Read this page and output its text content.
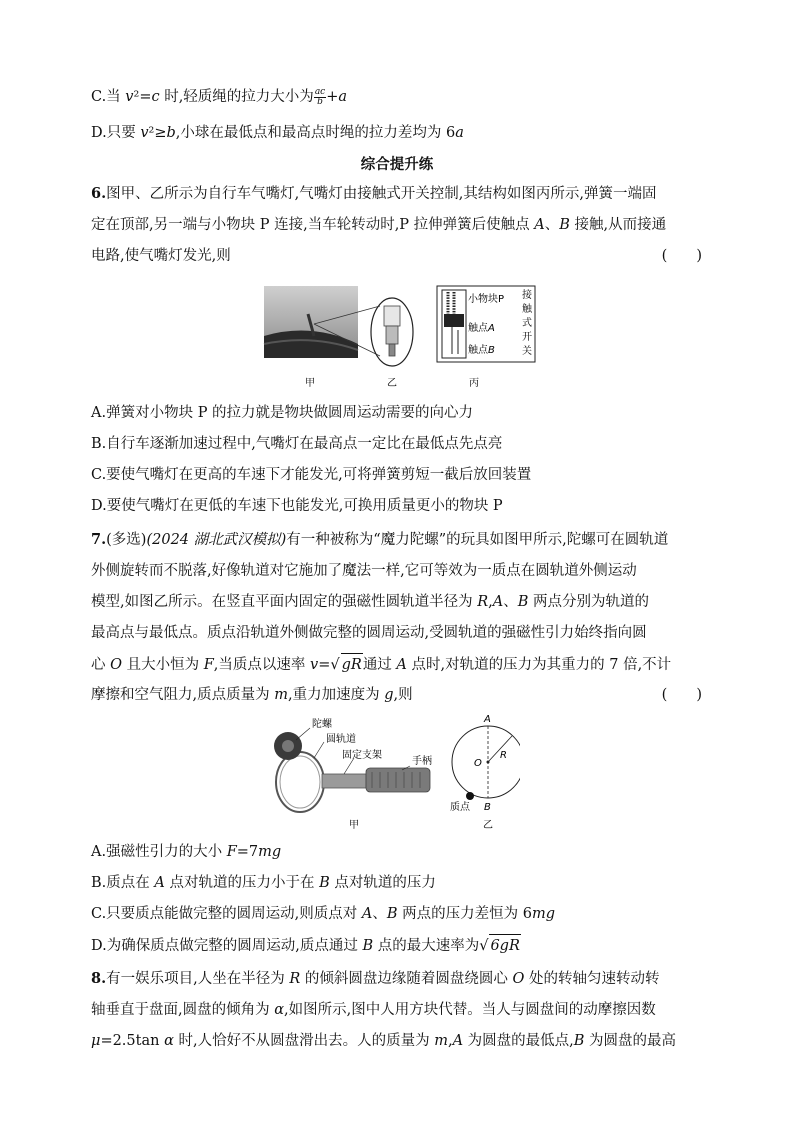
C.当 v²=c 时,轻质绳的拉力大小为 $\frac{ac}{b} +a$
D.只要 v²≥b,小球在最低点和最高点时绳的拉力差均为 6a
综合提升练
6.图甲、乙所示为自行车气嘴灯,气嘴灯由接触式开关控制,其结构如图丙所示,弹簧一端固
定在顶部,另一端与小物块 P 连接,当车轮转动时,P 拉伸弹簧后使触点 A、B 接触,从而接通
电路,使气嘴灯发光,则	(　　)
小物块P
触点A
触点B
接
触
式
开
关
甲	乙	丙
A.弹簧对小物块 P 的拉力就是物块做圆周运动需要的向心力
B.自行车逐渐加速过程中,气嘴灯在最高点一定比在最低点先点亮
C.要使气嘴灯在更高的车速下才能发光,可将弹簧剪短一截后放回装置
D.要使气嘴灯在更低的车速下也能发光,可换用质量更小的物块 P
7.(多选)(2024 湖北武汉模拟)有一种被称为“魔力陀螺”的玩具如图甲所示,陀螺可在圆轨道
外侧旋转而不脱落,好像轨道对它施加了魔法一样,它可等效为一质点在圆轨道外侧运动
模型,如图乙所示。在竖直平面内固定的强磁性圆轨道半径为 R,A、B 两点分别为轨道的
最高点与最低点。质点沿轨道外侧做完整的圆周运动,受圆轨道的强磁性引力始终指向圆
心 O 且大小恒为 F,当质点以速率 v=√ gR通过 A 点时,对轨道的压力为其重力的 7 倍,不计
摩擦和空气阻力,质点质量为 m,重力加速度为 g,则	(　　)
陀螺
圆轨道
固定支架
手柄
甲
A
B
O
R
质点
乙
A.强磁性引力的大小 F=7mg
B.质点在 A 点对轨道的压力小于在 B 点对轨道的压力
C.只要质点能做完整的圆周运动,则质点对 A、B 两点的压力差恒为 6mg
D.为确保质点做完整的圆周运动,质点通过 B 点的最大速率为√ 6gR
8.有一娱乐项目,人坐在半径为 R 的倾斜圆盘边缘随着圆盘绕圆心 O 处的转轴匀速转动转
轴垂直于盘面,圆盘的倾角为 α,如图所示,图中人用方块代替。当人与圆盘间的动摩擦因数
μ=2.5tan α 时,人恰好不从圆盘滑出去。人的质量为 m,A 为圆盘的最低点,B 为圆盘的最高
